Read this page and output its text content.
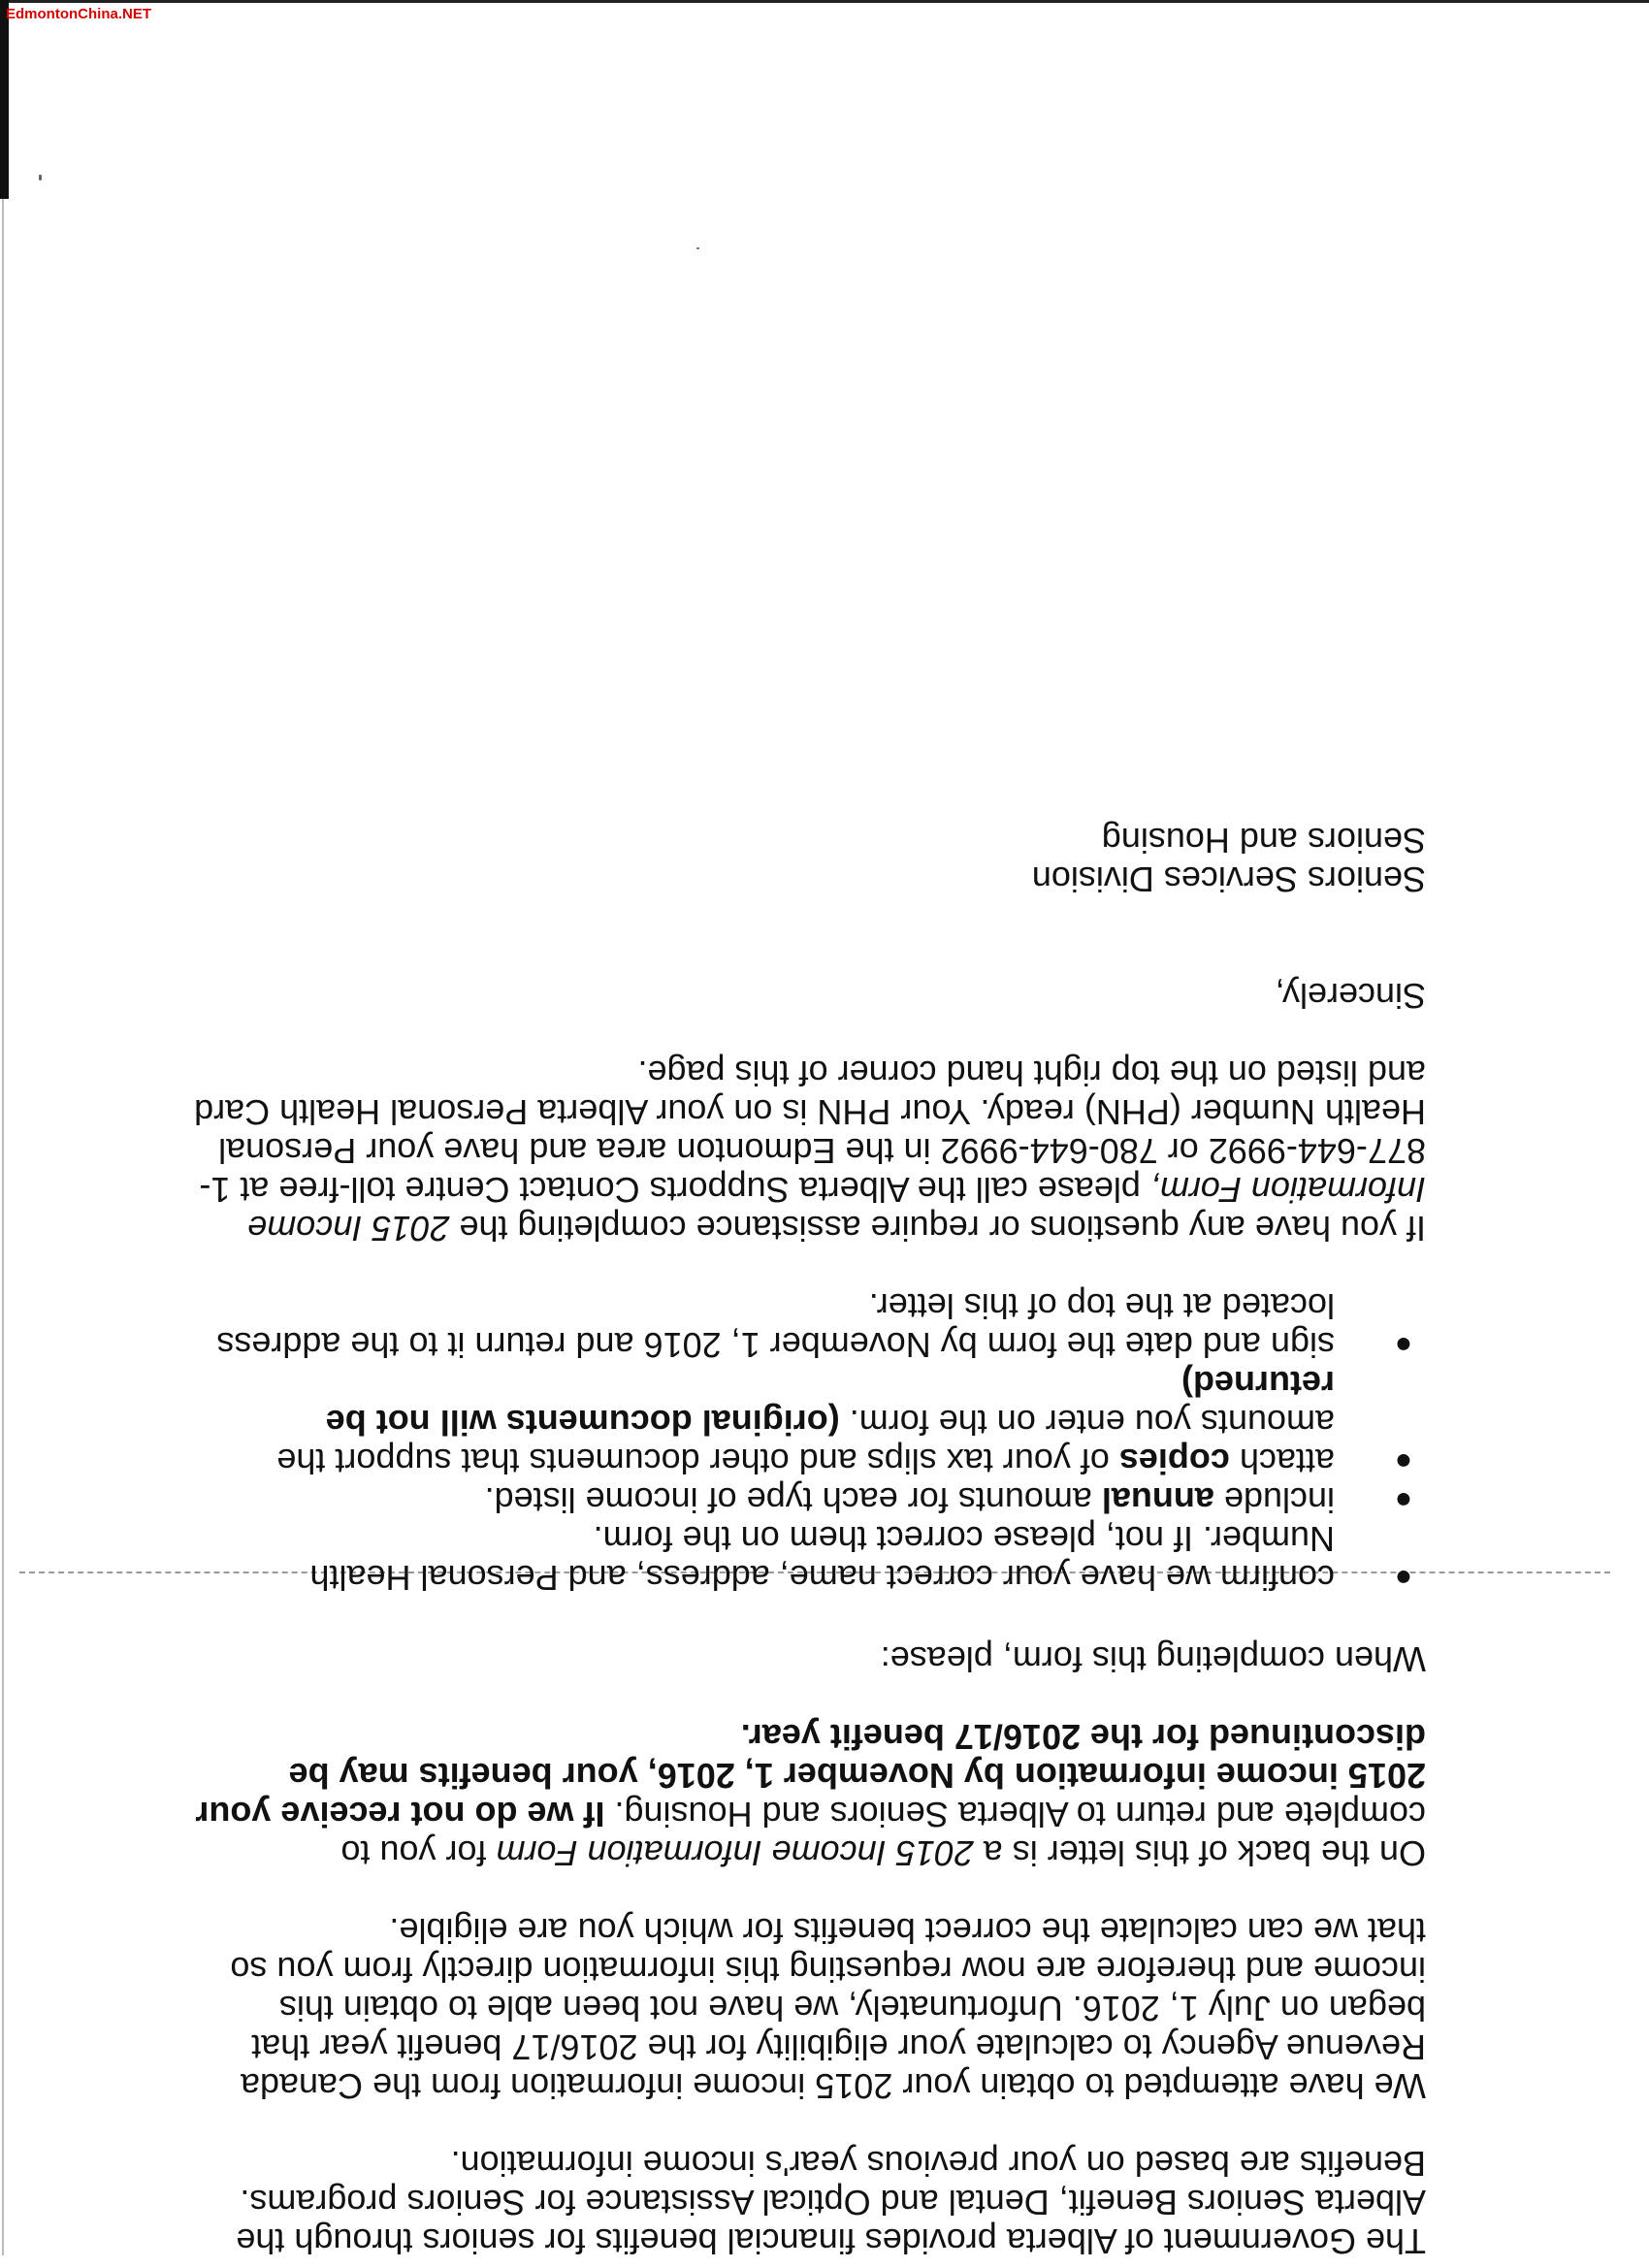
EdmontonChina.NET

The Government of Alberta provides financial benefits for seniors through the Alberta Seniors Benefit, Dental and Optical Assistance for Seniors programs. Benefits are based on your previous year's income information.

We have attempted to obtain your 2015 income information from the Canada Revenue Agency to calculate your eligibility for the 2016/17 benefit year that began on July 1, 2016. Unfortunately, we have not been able to obtain this income and therefore are now requesting this information directly from you so that we can calculate the correct benefits for which you are eligible.

On the back of this letter is a 2015 Income Information Form for you to complete and return to Alberta Seniors and Housing. If we do not receive your 2015 income information by November 1, 2016, your benefits may be discontinued for the 2016/17 benefit year.

When completing this form, please:

●
confirm we have your correct name, address, and Personal Health Number. If not, please correct them on the form.
●
include annual amounts for each type of income listed.
●
attach copies of your tax slips and other documents that support the amounts you enter on the form. (original documents will not be returned)
●
sign and date the form by November 1, 2016 and return it to the address located at the top of this letter.

If you have any questions or require assistance completing the 2015 Income Information Form, please call the Alberta Supports Contact Centre toll-free at 1-877-644-9992 or 780-644-9992 in the Edmonton area and have your Personal Health Number (PHN) ready. Your PHN is on your Alberta Personal Health Card and listed on the top right hand corner of this page.

Sincerely,

Seniors Services Division
Seniors and Housing
